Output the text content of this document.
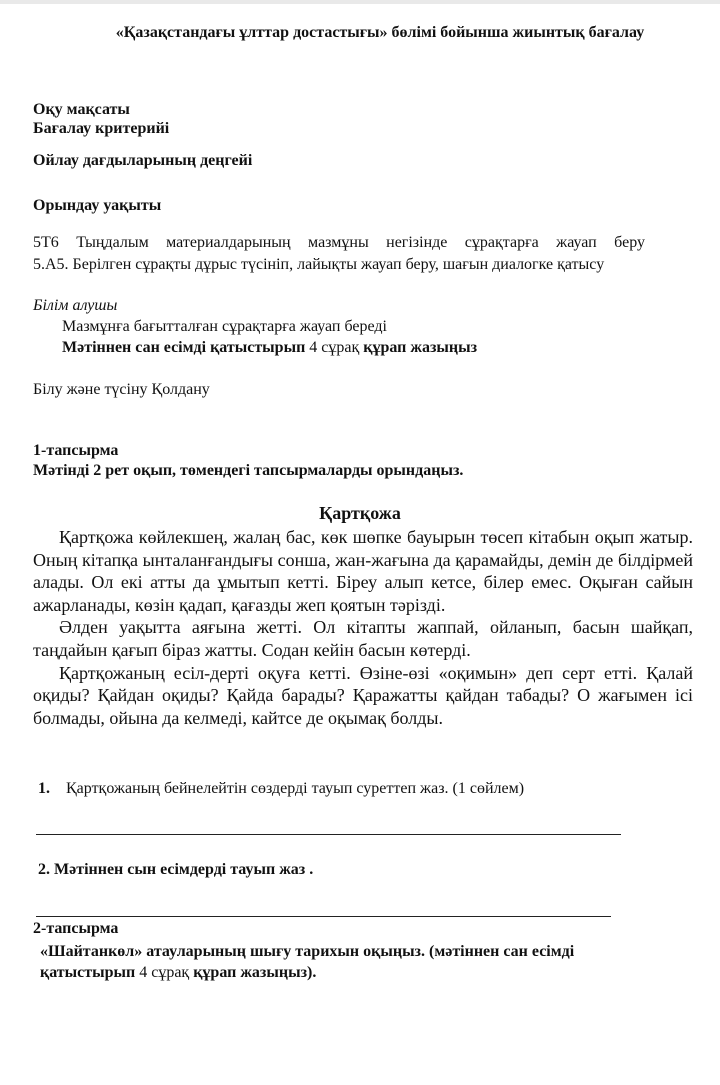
«Қазақстандағы ұлттар достастығы» бөлімі бойынша жиынтық бағалау
Оқу мақсаты
Бағалау критерийі
Ойлау дағдыларының деңгейі
Орындау уақыты
5Т6 Тыңдалым материалдарының мазмұны негізінде сұрақтарға жауап беру
5.А5. Берілген сұрақты дұрыс түсініп, лайықты жауап беру, шағын диалогке қатысу
Білім алушы
Мазмұнға бағытталған сұрақтарға жауап береді
Мәтіннен сан есімді қатыстырып 4 сұрақ құрап жазыңыз
Білу және түсіну Қолдану
1-тапсырма
Мәтінді 2 рет оқып, төмендегі тапсырмаларды орындаңыз.
Қартқожа

Қартқожа көйлекшең, жалаң бас, көк шөпке бауырын төсеп кітабын оқып жатыр. Оның кітапқа ынталанғандығы сонша, жан-жағына да қарамайды, демін де білдірмей алады. Ол екі атты да ұмытып кетті. Біреу алып кетсе, білер емес. Оқыған сайын ажарланады, көзін қадап, қағазды жеп қоятын тәрізді.

Әлден уақытта аяғына жетті. Ол кітапты жаппай, ойланып, басын шайқап, таңдайын қағып біраз жатты. Содан кейін басын көтерді.

Қартқожаның есіл-дерті оқуға кетті. Өзіне-өзі «оқимын» деп серт етті. Қалай оқиды? Қайдан оқиды? Қайда барады? Қаражатты қайдан табады? О жағымен ісі болмады, ойына да келмеді, кайтсе де оқымақ болды.

1. Қартқожаның бейнелейтін сөздерді тауып суреттеп жаз. (1 сөйлем)
2. Мәтіннен сын есімдерді тауып жаз .
2-тапсырма
«Шайтанкөл» атауларының шығу тарихын оқыңыз. (мәтіннен сан есімді қатыстырып 4 сұрақ құрап жазыңыз).
